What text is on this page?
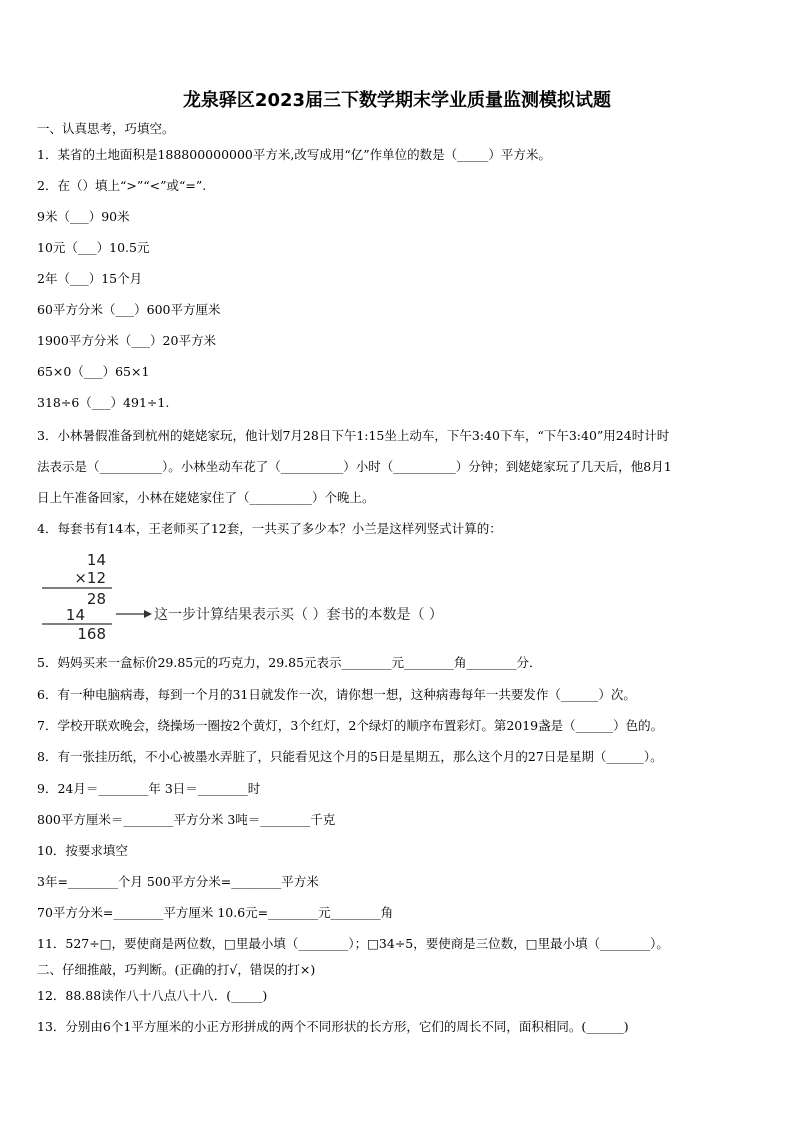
龙泉驿区2023届三下数学期末学业质量监测模拟试题
一、认真思考，巧填空。
1．某省的土地面积是188800000000平方米,改写成用“亿”作单位的数是（_____）平方米。
2．在（）填上“>”“<”或“=”.
9米（___）90米
10元（___）10.5元
2年（___）15个月
60平方分米（___）600平方厘米
1900平方分米（___）20平方米
65×0（___）65×1
318÷6（___）491÷1.
3．小林暑假准备到杭州的姥姥家玩，他计划7月28日下午1:15坐上动车，下午3:40下车，“下午3:40”用24时计时
法表示是（__________）。小林坐动车花了（__________）小时（__________）分钟；到姥姥家玩了几天后，他8月1
日上午准备回家，小林在姥姥家住了（__________）个晚上。
4．每套书有14本，王老师买了12套，一共买了多少本？小兰是这样列竖式计算的：
14
×12
28
14
168
这一步计算结果表示买（ ）套书的本数是（ ）
5．妈妈买来一盒标价29.85元的巧克力，29.85元表示________元________角________分．
6．有一种电脑病毒，每到一个月的31日就发作一次，请你想一想，这种病毒每年一共要发作（______）次。
7．学校开联欢晚会，绕操场一圈按2个黄灯，3个红灯，2个绿灯的顺序布置彩灯。第2019盏是（______）色的。
8．有一张挂历纸，不小心被墨水弄脏了，只能看见这个月的5日是星期五，那么这个月的27日是星期（______）。
9．24月＝________年 3日＝________时
800平方厘米＝________平方分米 3吨＝________千克
10．按要求填空
3年=________个月 500平方分米=________平方米
70平方分米=________平方厘米 10.6元=________元________角
11．527÷□，要使商是两位数，□里最小填（________）；□34÷5，要使商是三位数，□里最小填（________）。
二、仔细推敲，巧判断。(正确的打√，错误的打×)
12．88.88读作八十八点八十八．(_____)
13．分别由6个1平方厘米的小正方形拼成的两个不同形状的长方形，它们的周长不同，面积相同。(______)
